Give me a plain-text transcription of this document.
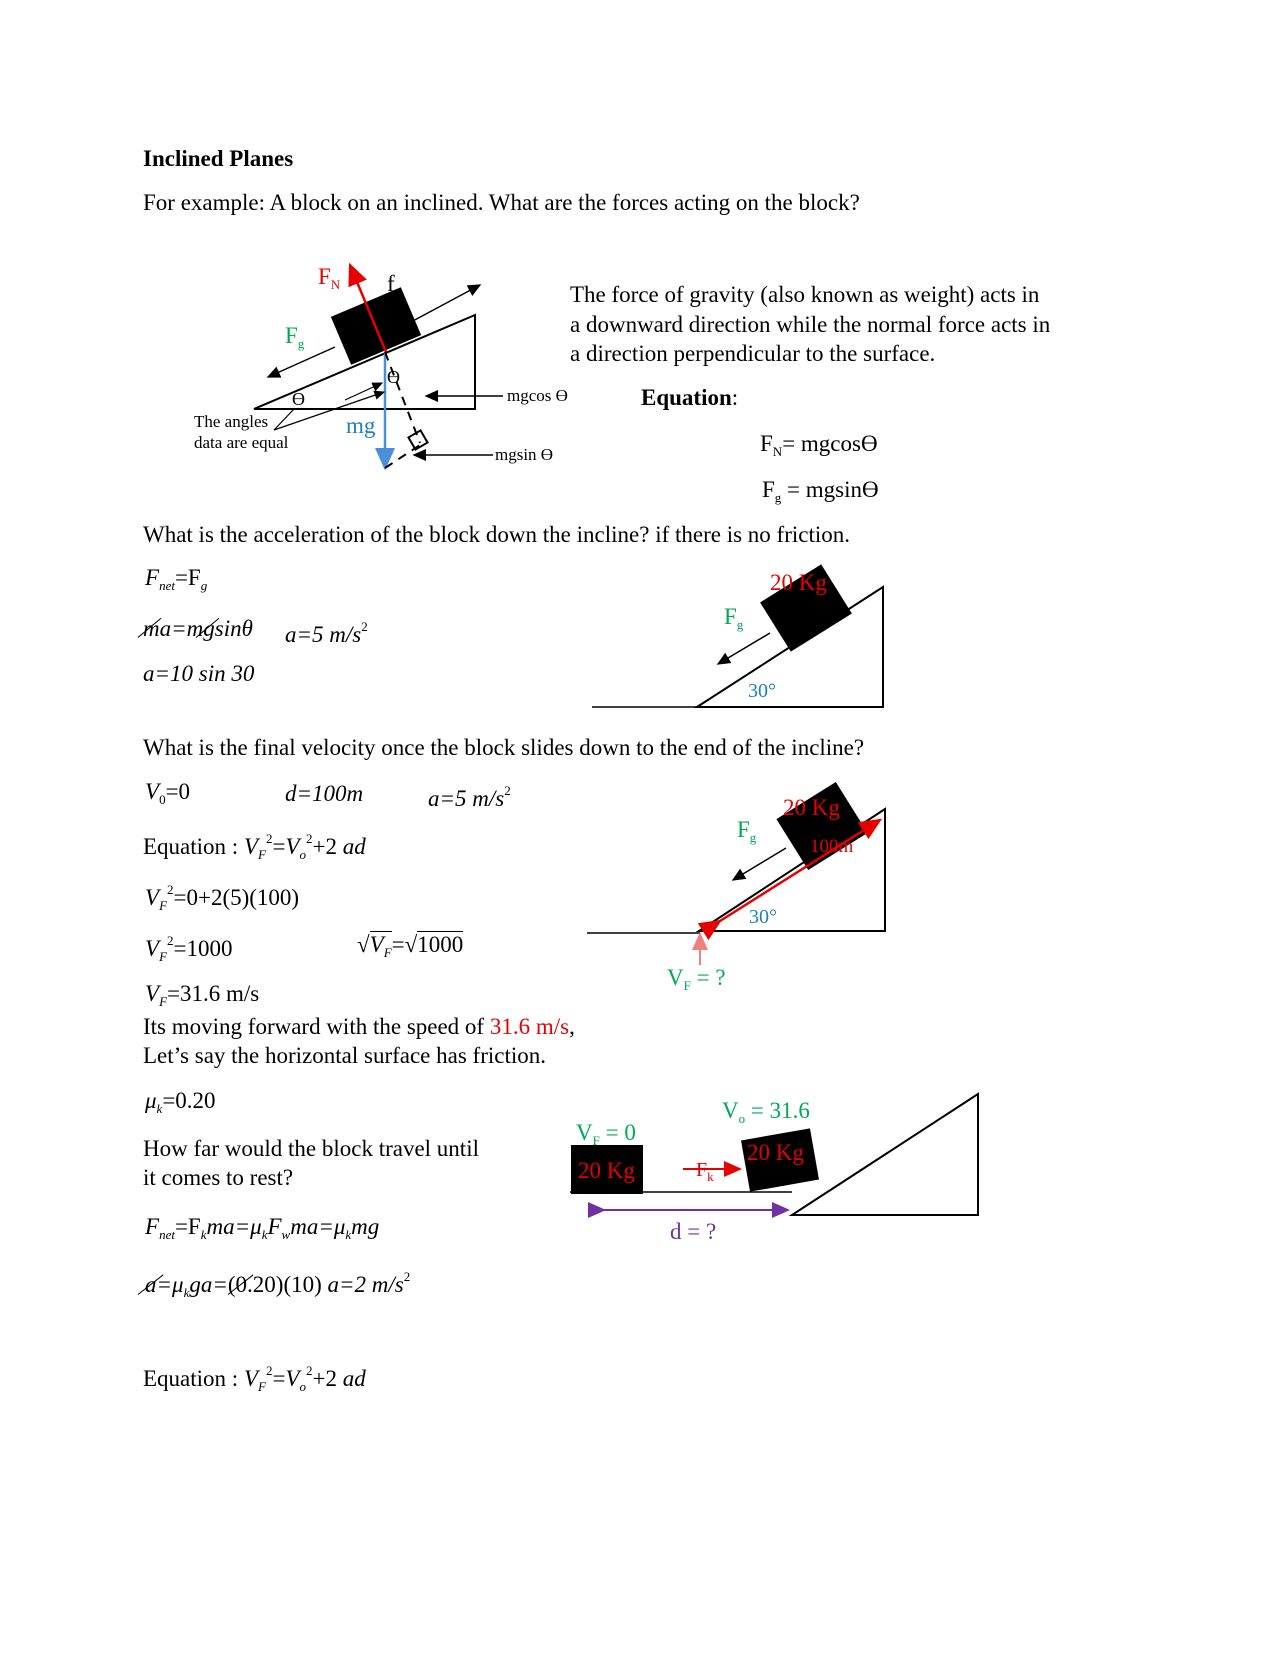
Inclined Planes
For example: A block on an inclined. What are the forces acting on the block?
$F_N$ f
$F_g$
ϴ
ϴ
The angles
data are equal
mg
mgcos ϴ
mgsin ϴ
The force of gravity (also known as weight) acts in
a downward direction while the normal force acts in
a direction perpendicular to the surface.
Equation:
$F_N= mgcosϴ$
$F_g = mgsinϴ$
What is the acceleration of the block down the incline? if there is no friction.
$F_{net}=F_g$
ma=mgsinθ a=5 $m/s^2$
a=10 sin 30
20 Kg
$F_g$
30°
What is the final velocity once the block slides down to the end of the incline?
$V_0=0$	d=100m	a=5 $m/s^2$
Equation : $V_F^2=V_o^2+2$ ad
$V_F^2=0+2(5)(100)$
$V_F^2=1000$	$√V_F=√1000$
$V_F=31.6$ m/s
20 Kg
$F_g$	100m
30°
$V_F$ = ?
Its moving forward with the speed of 31.6 m/s,
Let’s say the horizontal surface has friction.
$\mu_k=0.20$
How far would the block travel until
it comes to rest?
$F_{net}=F_kma=\mu_kF_wma=\mu_kmg$
$a=\mu_kga=(0.20)(10)$ a=2 $m/s^2$
Equation : $V_F^2=V_o^2+2$ ad
$V_o = 31.6$
$V_F = 0$
20 Kg
20 Kg
$F_k$
d = ?
